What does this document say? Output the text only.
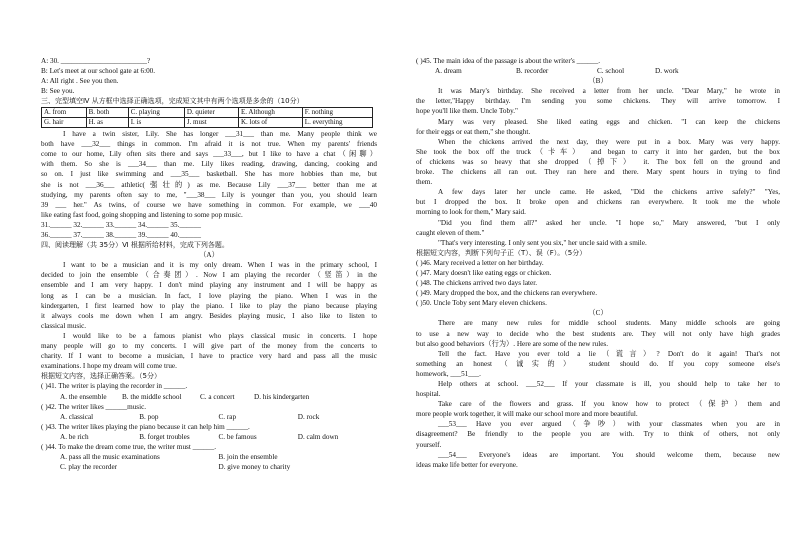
A: 30. ________________________?
B: Let's meet at our school gate at 6:00.
A: All right . See you then.
B: See you.
三、完型填空Ⅳ 从方框中选择正确选项，完成短文其中有两个选项是多余的（10分）
A. from	B. both	C. playing	D. quieter	E. Although	F. nothing
G. hair	H. as	I. is	J. must	K. lots of	L. everything
I have a twin sister, Lily. She has longer ___31___ than me. Many people think we
both have ___32___ things in common. I'm afraid it is not true. When my parents' friends
come to our home, Lily often sits there and says ___33___, but I like to have a chat（闲聊）
with them. So she is ___34___ than me. Lily likes reading, drawing, dancing, cooking and
so on. I just like swimming and ___35___ basketball. She has more hobbies than me, but
she is not ___36___ athletic(强壮的) as me. Because Lily ___37___ better than me at
studying, my parents often say to me, "___38___ Lily is younger than you, you should learn
39 ___ her." As twins, of course we have something in common. For example, we ___40
like eating fast food, going shopping and listening to some pop music.
31.______ 32.______ 33.______ 34.______ 35.______
36.______ 37.______ 38.______ 39.______ 40.______
四、阅读理解（共 35分）Ⅵ 根据所给材料，完成下列各题。
（A）
I want to be a musician and it is my only dream. When I was in the primary school, I
decided to join the ensemble（合奏团）. Now I am playing the recorder（竖笛）in the
ensemble and I am very happy. I don't mind playing any instrument and I will be happy as
long as I can be a musician. In fact, I love playing the piano. When I was in the
kindergarten, I first learned how to play the piano. I like to play the piano because playing
it always cools me down when I am angry. Besides playing music, I also like to listen to
classical music.
I would like to be a famous pianist who plays classical music in concerts. I hope
many people will go to my concerts. I will give part of the money from the concerts to
charity. If I want to become a musician, I have to practice very hard and pass all the music
examinations. I hope my dream will come true.
根据短文内容，选择正确答案。（5分）
( )41. The writer is playing the recorder in ______.
A. the ensemble	B. the middle school	C. a concert	D. his kindergarten
( )42. The writer likes ______music.
A. classical	B. pop	C. rap	D. rock
( )43. The writer likes playing the piano because it can help him ______.
A. be rich	B. forget troubles	C. be famous	D. calm down
( )44. To make the dream come true, the writer must ______.
A. pass all the music examinations	B. join the ensemble
C. play the recorder	D. give money to charity
( )45. The main idea of the passage is about the writer's ______.
A. dream	B. recorder	C. school	D. work
（B）
It was Mary's birthday. She received a letter from her uncle. "Dear Mary," he wrote in
the letter,"Happy birthday. I'm sending you some chickens. They will arrive tomorrow. I
hope you'll like them. Uncle Toby."
Mary was very pleased. She liked eating eggs and chicken. "I can keep the chickens
for their eggs or eat them," she thought.
When the chickens arrived the next day, they were put in a box. Mary was very happy.
She took the box off the truck（卡车） and began to carry it into her garden, but the box
of chickens was so heavy that she dropped（掉下） it. The box fell on the ground and
broke. The chickens all ran out. They ran here and there. Mary spent hours in trying to find
them.
A few days later her uncle came. He asked, "Did the chickens arrive safely?" "Yes,
but I dropped the box. It broke open and chickens ran everywhere. It took me the whole
morning to look for them," Mary said.
"Did you find them all?" asked her uncle. "I hope so," Mary answered, "but I only
caught eleven of them."
"That's very interesting. I only sent you six," her uncle said with a smile.
根据短文内容，判断下列句子正（T）、误（F）。（5分）
( )46. Mary received a letter on her birthday.
( )47. Mary doesn't like eating eggs or chicken.
( )48. The chickens arrived two days later.
( )49. Mary dropped the box, and the chickens ran everywhere.
( )50. Uncle Toby sent Mary eleven chickens.
（C）
There are many new rules for middle school students. Many middle schools are going
to use a new way to decide who the best students are. They will not only have high grades
but also good behaviors（行为）. Here are some of the new rules.
Tell the fact. Have you ever told a lie（谎言）? Don't do it again! That's not
something an honest（诚实的） student should do. If you copy someone else's
homework, ___51___.
Help others at school. ___52___ If your classmate is ill, you should help to take her to
hospital.
Take care of the flowers and grass. If you know how to protect（保护）them and
more people work together, it will make our school more and more beautiful.
___53___ Have you ever argued（争吵）with your classmates when you are in
disagreement? Be friendly to the people you are with. Try to think of others, not only
yourself.
___54___ Everyone's ideas are important. You should welcome them, because new
ideas make life better for everyone.
